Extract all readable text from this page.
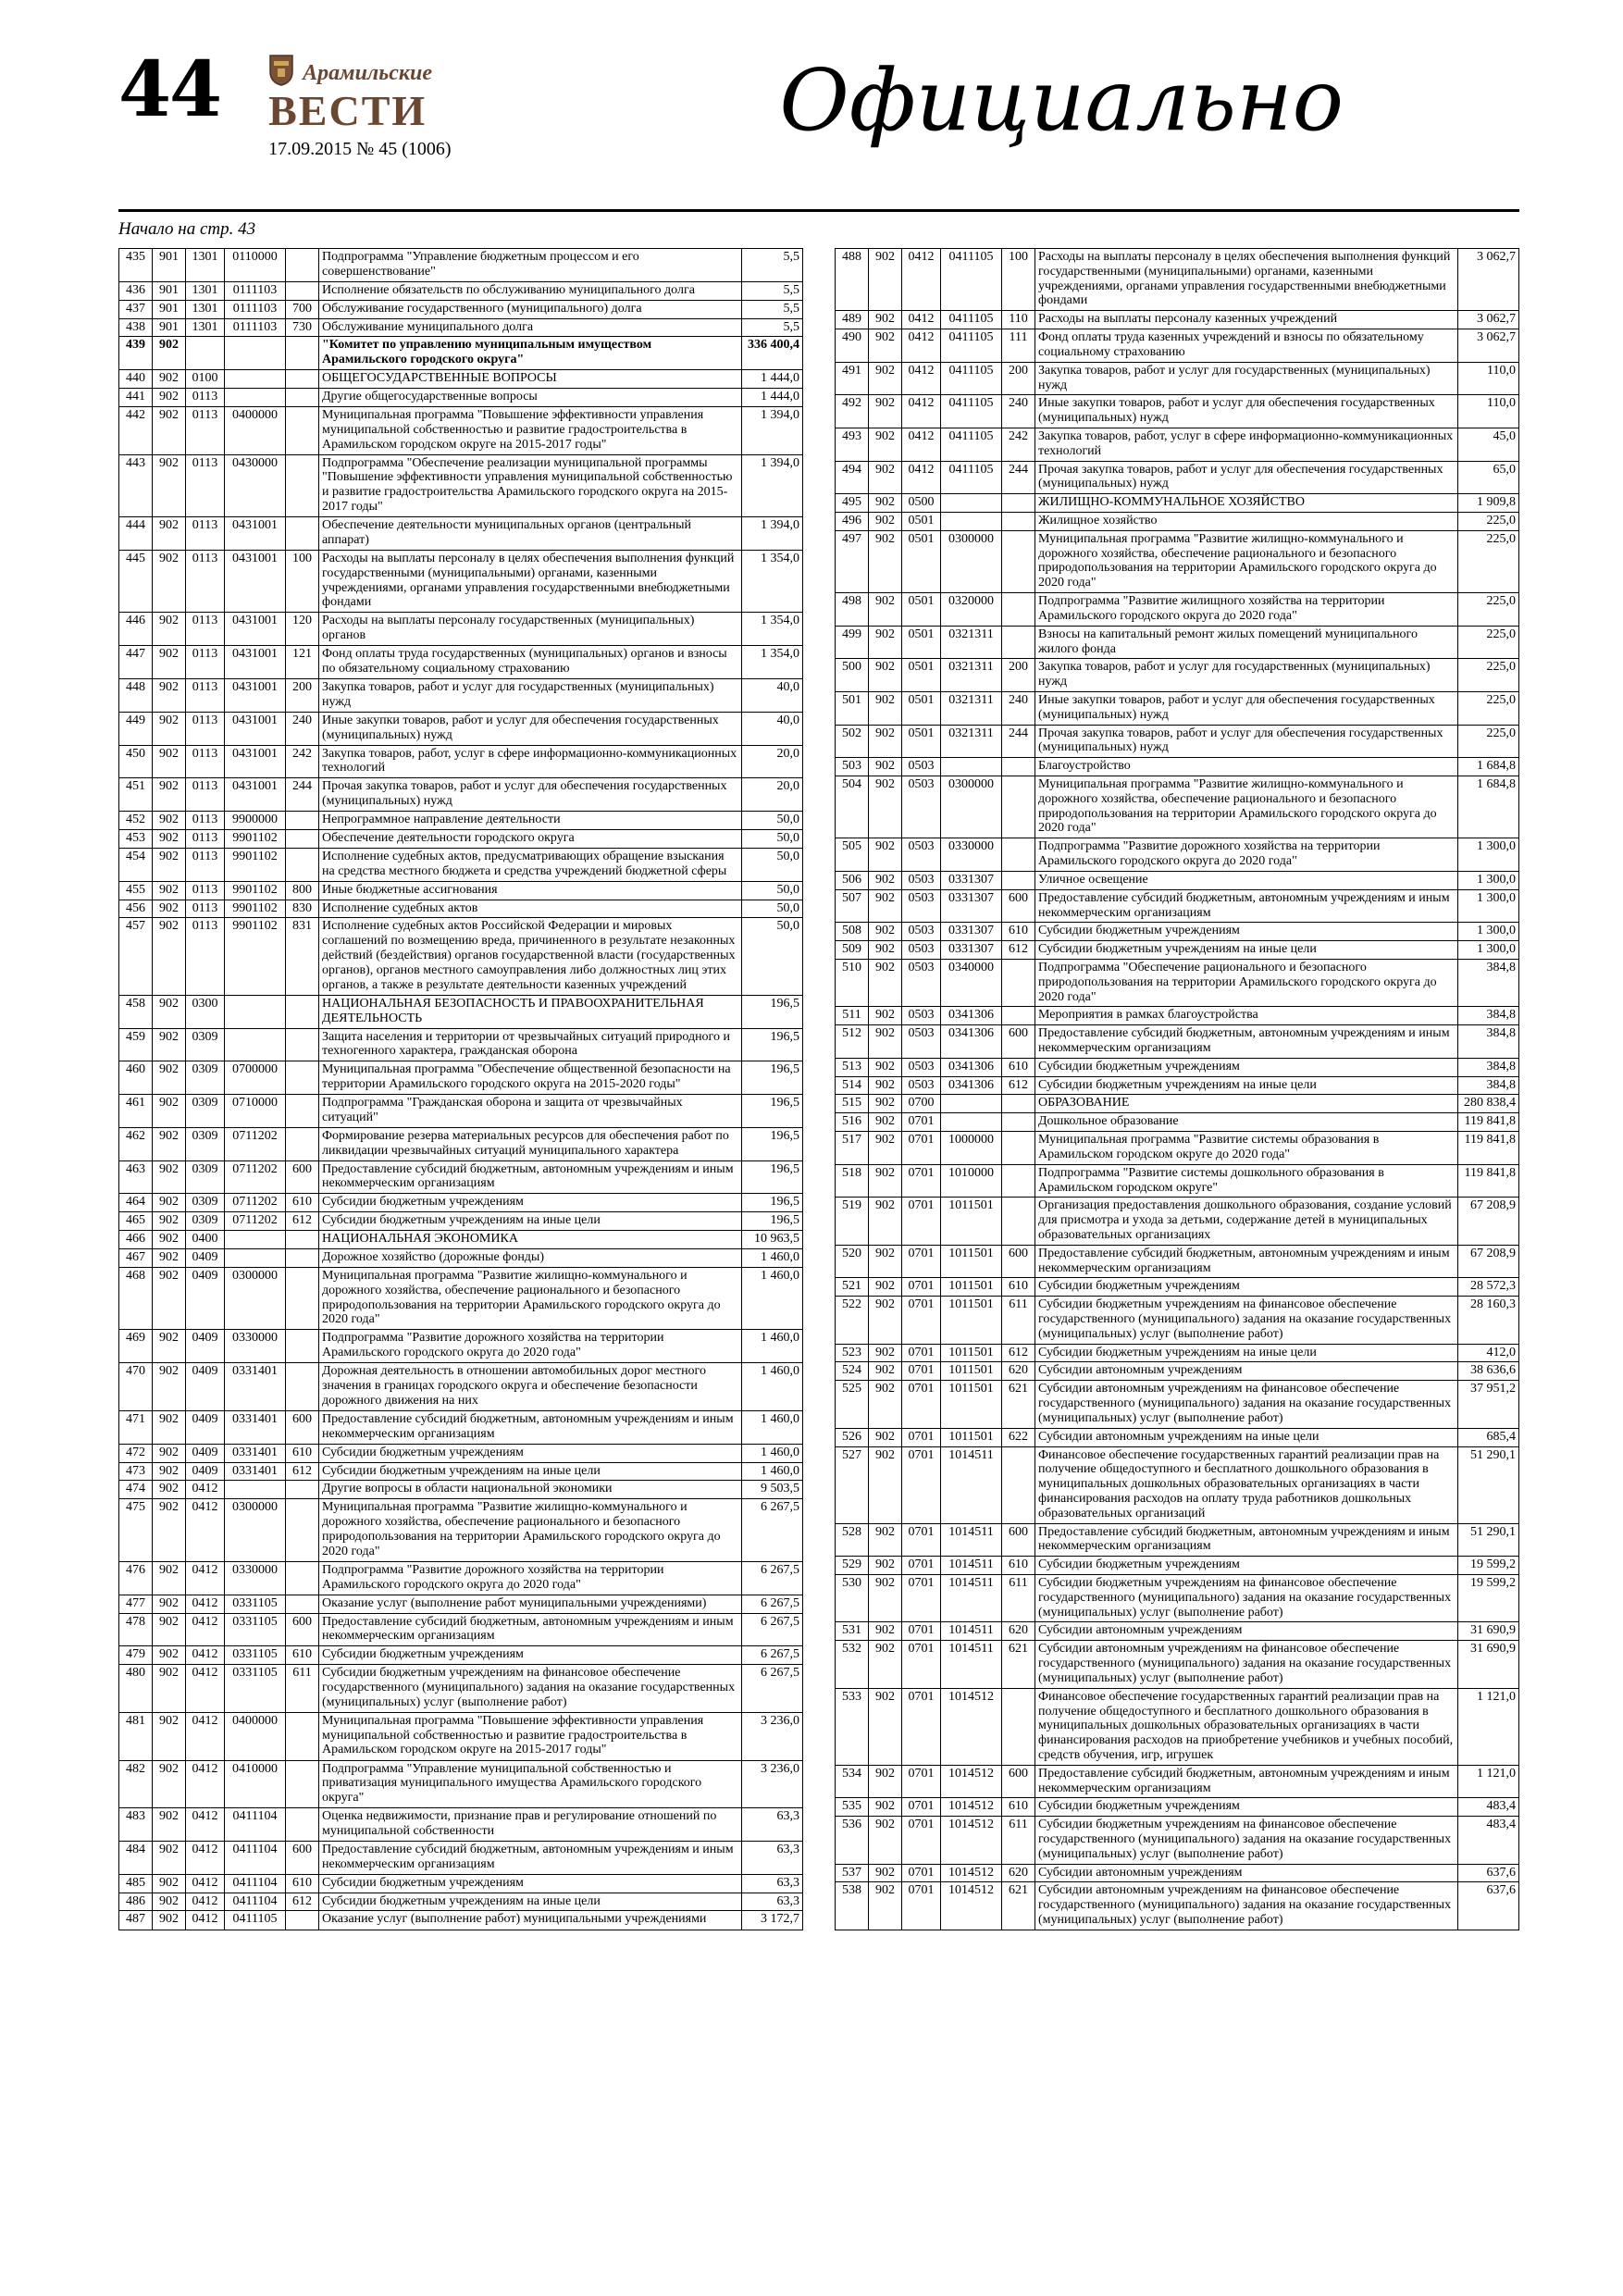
44	Арамильские
ВЕСТИ
17.09.2015 № 45 (1006)	Официально
Начало на стр. 43
435	901	1301	0110000		Подпрограмма "Управление бюджетным процессом и его совершенствование"	5,5
436	901	1301	0111103		Исполнение обязательств по обслуживанию муниципального долга	5,5
437	901	1301	0111103	700	Обслуживание государственного (муниципального) долга	5,5
438	901	1301	0111103	730	Обслуживание муниципального долга	5,5
439	902				"Комитет по управлению муниципальным имуществом Арамильского городского округа"	336 400,4
440	902	0100			ОБЩЕГОСУДАРСТВЕННЫЕ ВОПРОСЫ	1 444,0
441	902	0113			Другие общегосударственные вопросы	1 444,0
442	902	0113	0400000		Муниципальная программа "Повышение эффективности управления муниципальной собственностью и развитие градостроительства в Арамильском городском округе на 2015-2017 годы"	1 394,0
443	902	0113	0430000		Подпрограмма "Обеспечение реализации муниципальной программы "Повышение эффективности управления муниципальной собственностью и развитие градостроительства Арамильского городского округа на 2015-2017 годы"	1 394,0
444	902	0113	0431001		Обеспечение деятельности муниципальных органов (центральный аппарат)	1 394,0
445	902	0113	0431001	100	Расходы на выплаты персоналу в целях обеспечения выполнения функций государственными (муниципальными) органами, казенными учреждениями, органами управления государственными внебюджетными фондами	1 354,0
446	902	0113	0431001	120	Расходы на выплаты персоналу государственных (муниципальных) органов	1 354,0
447	902	0113	0431001	121	Фонд оплаты труда государственных (муниципальных) органов и взносы по обязательному социальному страхованию	1 354,0
448	902	0113	0431001	200	Закупка товаров, работ и услуг для государственных (муниципальных) нужд	40,0
449	902	0113	0431001	240	Иные закупки товаров, работ и услуг для обеспечения государственных (муниципальных) нужд	40,0
450	902	0113	0431001	242	Закупка товаров, работ, услуг в сфере информационно-коммуникационных технологий	20,0
451	902	0113	0431001	244	Прочая закупка товаров, работ и услуг для обеспечения государственных (муниципальных) нужд	20,0
452	902	0113	9900000		Непрограммное направление деятельности	50,0
453	902	0113	9901102		Обеспечение деятельности городского округа	50,0
454	902	0113	9901102		Исполнение судебных актов, предусматривающих обращение взыскания на средства местного бюджета и средства учреждений бюджетной сферы	50,0
455	902	0113	9901102	800	Иные бюджетные ассигнования	50,0
456	902	0113	9901102	830	Исполнение судебных актов	50,0
457	902	0113	9901102	831	Исполнение судебных актов Российской Федерации и мировых соглашений по возмещению вреда, причиненного в результате незаконных действий (бездействия) органов государственной власти (государственных органов), органов местного самоуправления либо должностных лиц этих органов, а также в результате деятельности казенных учреждений	50,0
458	902	0300			НАЦИОНАЛЬНАЯ БЕЗОПАСНОСТЬ И ПРАВООХРАНИТЕЛЬНАЯ ДЕЯТЕЛЬНОСТЬ	196,5
459	902	0309			Защита населения и территории от чрезвычайных ситуаций природного и техногенного характера, гражданская оборона	196,5
460	902	0309	0700000		Муниципальная программа "Обеспечение общественной безопасности на территории Арамильского городского округа на 2015-2020 годы"	196,5
461	902	0309	0710000		Подпрограмма "Гражданская оборона и защита от чрезвычайных ситуаций"	196,5
462	902	0309	0711202		Формирование резерва материальных ресурсов для обеспечения работ по ликвидации чрезвычайных ситуаций муниципального характера	196,5
463	902	0309	0711202	600	Предоставление субсидий бюджетным, автономным учреждениям и иным некоммерческим организациям	196,5
464	902	0309	0711202	610	Субсидии бюджетным учреждениям	196,5
465	902	0309	0711202	612	Субсидии бюджетным учреждениям на иные цели	196,5
466	902	0400			НАЦИОНАЛЬНАЯ ЭКОНОМИКА	10 963,5
467	902	0409			Дорожное хозяйство (дорожные фонды)	1 460,0
468	902	0409	0300000		Муниципальная программа "Развитие жилищно-коммунального и дорожного хозяйства, обеспечение рационального и безопасного природопользования на территории Арамильского городского округа до 2020 года"	1 460,0
469	902	0409	0330000		Подпрограмма "Развитие дорожного хозяйства на территории Арамильского городского округа до 2020 года"	1 460,0
470	902	0409	0331401		Дорожная деятельность в отношении автомобильных дорог местного значения в границах городского округа и обеспечение безопасности дорожного движения на них	1 460,0
471	902	0409	0331401	600	Предоставление субсидий бюджетным, автономным учреждениям и иным некоммерческим организациям	1 460,0
472	902	0409	0331401	610	Субсидии бюджетным учреждениям	1 460,0
473	902	0409	0331401	612	Субсидии бюджетным учреждениям на иные цели	1 460,0
474	902	0412			Другие вопросы в области национальной экономики	9 503,5
475	902	0412	0300000		Муниципальная программа "Развитие жилищно-коммунального и дорожного хозяйства, обеспечение рационального и безопасного природопользования на территории Арамильского городского округа до 2020 года"	6 267,5
476	902	0412	0330000		Подпрограмма "Развитие дорожного хозяйства на территории Арамильского городского округа до 2020 года"	6 267,5
477	902	0412	0331105		Оказание услуг (выполнение работ муниципальными учреждениями)	6 267,5
478	902	0412	0331105	600	Предоставление субсидий бюджетным, автономным учреждениям и иным некоммерческим организациям	6 267,5
479	902	0412	0331105	610	Субсидии бюджетным учреждениям	6 267,5
480	902	0412	0331105	611	Субсидии бюджетным учреждениям на финансовое обеспечение государственного (муниципального) задания на оказание государственных (муниципальных) услуг (выполнение работ)	6 267,5
481	902	0412	0400000		Муниципальная программа "Повышение эффективности управления муниципальной собственностью и развитие градостроительства в Арамильском городском округе на 2015-2017 годы"	3 236,0
482	902	0412	0410000		Подпрограмма "Управление муниципальной собственностью и приватизация муниципального имущества Арамильского городского округа"	3 236,0
483	902	0412	0411104		Оценка недвижимости, признание прав и регулирование отношений по муниципальной собственности	63,3
484	902	0412	0411104	600	Предоставление субсидий бюджетным, автономным учреждениям и иным некоммерческим организациям	63,3
485	902	0412	0411104	610	Субсидии бюджетным учреждениям	63,3
486	902	0412	0411104	612	Субсидии бюджетным учреждениям на иные цели	63,3
487	902	0412	0411105		Оказание услуг (выполнение работ) муниципальными учреждениями	3 172,7
488	902	0412	0411105	100	Расходы на выплаты персоналу в целях обеспечения выполнения функций государственными (муниципальными) органами, казенными учреждениями, органами управления государственными внебюджетными фондами	3 062,7
489	902	0412	0411105	110	Расходы на выплаты персоналу казенных учреждений	3 062,7
490	902	0412	0411105	111	Фонд оплаты труда казенных учреждений и взносы по обязательному социальному страхованию	3 062,7
491	902	0412	0411105	200	Закупка товаров, работ и услуг для государственных (муниципальных) нужд	110,0
492	902	0412	0411105	240	Иные закупки товаров, работ и услуг для обеспечения государственных (муниципальных) нужд	110,0
493	902	0412	0411105	242	Закупка товаров, работ, услуг в сфере информационно-коммуникационных технологий	45,0
494	902	0412	0411105	244	Прочая закупка товаров, работ и услуг для обеспечения государственных (муниципальных) нужд	65,0
495	902	0500			ЖИЛИЩНО-КОММУНАЛЬНОЕ ХОЗЯЙСТВО	1 909,8
496	902	0501			Жилищное хозяйство	225,0
497	902	0501	0300000		Муниципальная программа "Развитие жилищно-коммунального и дорожного хозяйства, обеспечение рационального и безопасного природопользования на территории Арамильского городского округа до 2020 года"	225,0
498	902	0501	0320000		Подпрограмма "Развитие жилищного хозяйства на территории Арамильского городского округа до 2020 года"	225,0
499	902	0501	0321311		Взносы на капитальный ремонт жилых помещений муниципального жилого фонда	225,0
500	902	0501	0321311	200	Закупка товаров, работ и услуг для государственных (муниципальных) нужд	225,0
501	902	0501	0321311	240	Иные закупки товаров, работ и услуг для обеспечения государственных (муниципальных) нужд	225,0
502	902	0501	0321311	244	Прочая закупка товаров, работ и услуг для обеспечения государственных (муниципальных) нужд	225,0
503	902	0503			Благоустройство	1 684,8
504	902	0503	0300000		Муниципальная программа "Развитие жилищно-коммунального и дорожного хозяйства, обеспечение рационального и безопасного природопользования на территории Арамильского городского округа до 2020 года"	1 684,8
505	902	0503	0330000		Подпрограмма "Развитие дорожного хозяйства на территории Арамильского городского округа до 2020 года"	1 300,0
506	902	0503	0331307		Уличное освещение	1 300,0
507	902	0503	0331307	600	Предоставление субсидий бюджетным, автономным учреждениям и иным некоммерческим организациям	1 300,0
508	902	0503	0331307	610	Субсидии бюджетным учреждениям	1 300,0
509	902	0503	0331307	612	Субсидии бюджетным учреждениям на иные цели	1 300,0
510	902	0503	0340000		Подпрограмма "Обеспечение рационального и безопасного природопользования на территории Арамильского городского округа до 2020 года"	384,8
511	902	0503	0341306		Мероприятия в рамках благоустройства	384,8
512	902	0503	0341306	600	Предоставление субсидий бюджетным, автономным учреждениям и иным некоммерческим организациям	384,8
513	902	0503	0341306	610	Субсидии бюджетным учреждениям	384,8
514	902	0503	0341306	612	Субсидии бюджетным учреждениям на иные цели	384,8
515	902	0700			ОБРАЗОВАНИЕ	280 838,4
516	902	0701			Дошкольное образование	119 841,8
517	902	0701	1000000		Муниципальная программа "Развитие системы образования в Арамильском городском округе до 2020 года"	119 841,8
518	902	0701	1010000		Подпрограмма "Развитие системы дошкольного образования в Арамильском городском округе"	119 841,8
519	902	0701	1011501		Организация предоставления дошкольного образования, создание условий для присмотра и ухода за детьми, содержание детей в муниципальных образовательных организациях	67 208,9
520	902	0701	1011501	600	Предоставление субсидий бюджетным, автономным учреждениям и иным некоммерческим организациям	67 208,9
521	902	0701	1011501	610	Субсидии бюджетным учреждениям	28 572,3
522	902	0701	1011501	611	Субсидии бюджетным учреждениям на финансовое обеспечение государственного (муниципального) задания на оказание государственных (муниципальных) услуг (выполнение работ)	28 160,3
523	902	0701	1011501	612	Субсидии бюджетным учреждениям на иные цели	412,0
524	902	0701	1011501	620	Субсидии автономным учреждениям	38 636,6
525	902	0701	1011501	621	Субсидии автономным учреждениям на финансовое обеспечение государственного (муниципального) задания на оказание государственных (муниципальных) услуг (выполнение работ)	37 951,2
526	902	0701	1011501	622	Субсидии автономным учреждениям на иные цели	685,4
527	902	0701	1014511		Финансовое обеспечение государственных гарантий реализации прав на получение общедоступного и бесплатного дошкольного образования в муниципальных дошкольных образовательных организациях в части финансирования расходов на оплату труда работников дошкольных образовательных организаций	51 290,1
528	902	0701	1014511	600	Предоставление субсидий бюджетным, автономным учреждениям и иным некоммерческим организациям	51 290,1
529	902	0701	1014511	610	Субсидии бюджетным учреждениям	19 599,2
530	902	0701	1014511	611	Субсидии бюджетным учреждениям на финансовое обеспечение государственного (муниципального) задания на оказание государственных (муниципальных) услуг (выполнение работ)	19 599,2
531	902	0701	1014511	620	Субсидии автономным учреждениям	31 690,9
532	902	0701	1014511	621	Субсидии автономным учреждениям на финансовое обеспечение государственного (муниципального) задания на оказание государственных (муниципальных) услуг (выполнение работ)	31 690,9
533	902	0701	1014512		Финансовое обеспечение государственных гарантий реализации прав на получение общедоступного и бесплатного дошкольного образования в муниципальных дошкольных образовательных организациях в части финансирования расходов на приобретение учебников и учебных пособий, средств обучения, игр, игрушек	1 121,0
534	902	0701	1014512	600	Предоставление субсидий бюджетным, автономным учреждениям и иным некоммерческим организациям	1 121,0
535	902	0701	1014512	610	Субсидии бюджетным учреждениям	483,4
536	902	0701	1014512	611	Субсидии бюджетным учреждениям на финансовое обеспечение государственного (муниципального) задания на оказание государственных (муниципальных) услуг (выполнение работ)	483,4
537	902	0701	1014512	620	Субсидии автономным учреждениям	637,6
538	902	0701	1014512	621	Субсидии автономным учреждениям на финансовое обеспечение государственного (муниципального) задания на оказание государственных (муниципальных) услуг (выполнение работ)	637,6
